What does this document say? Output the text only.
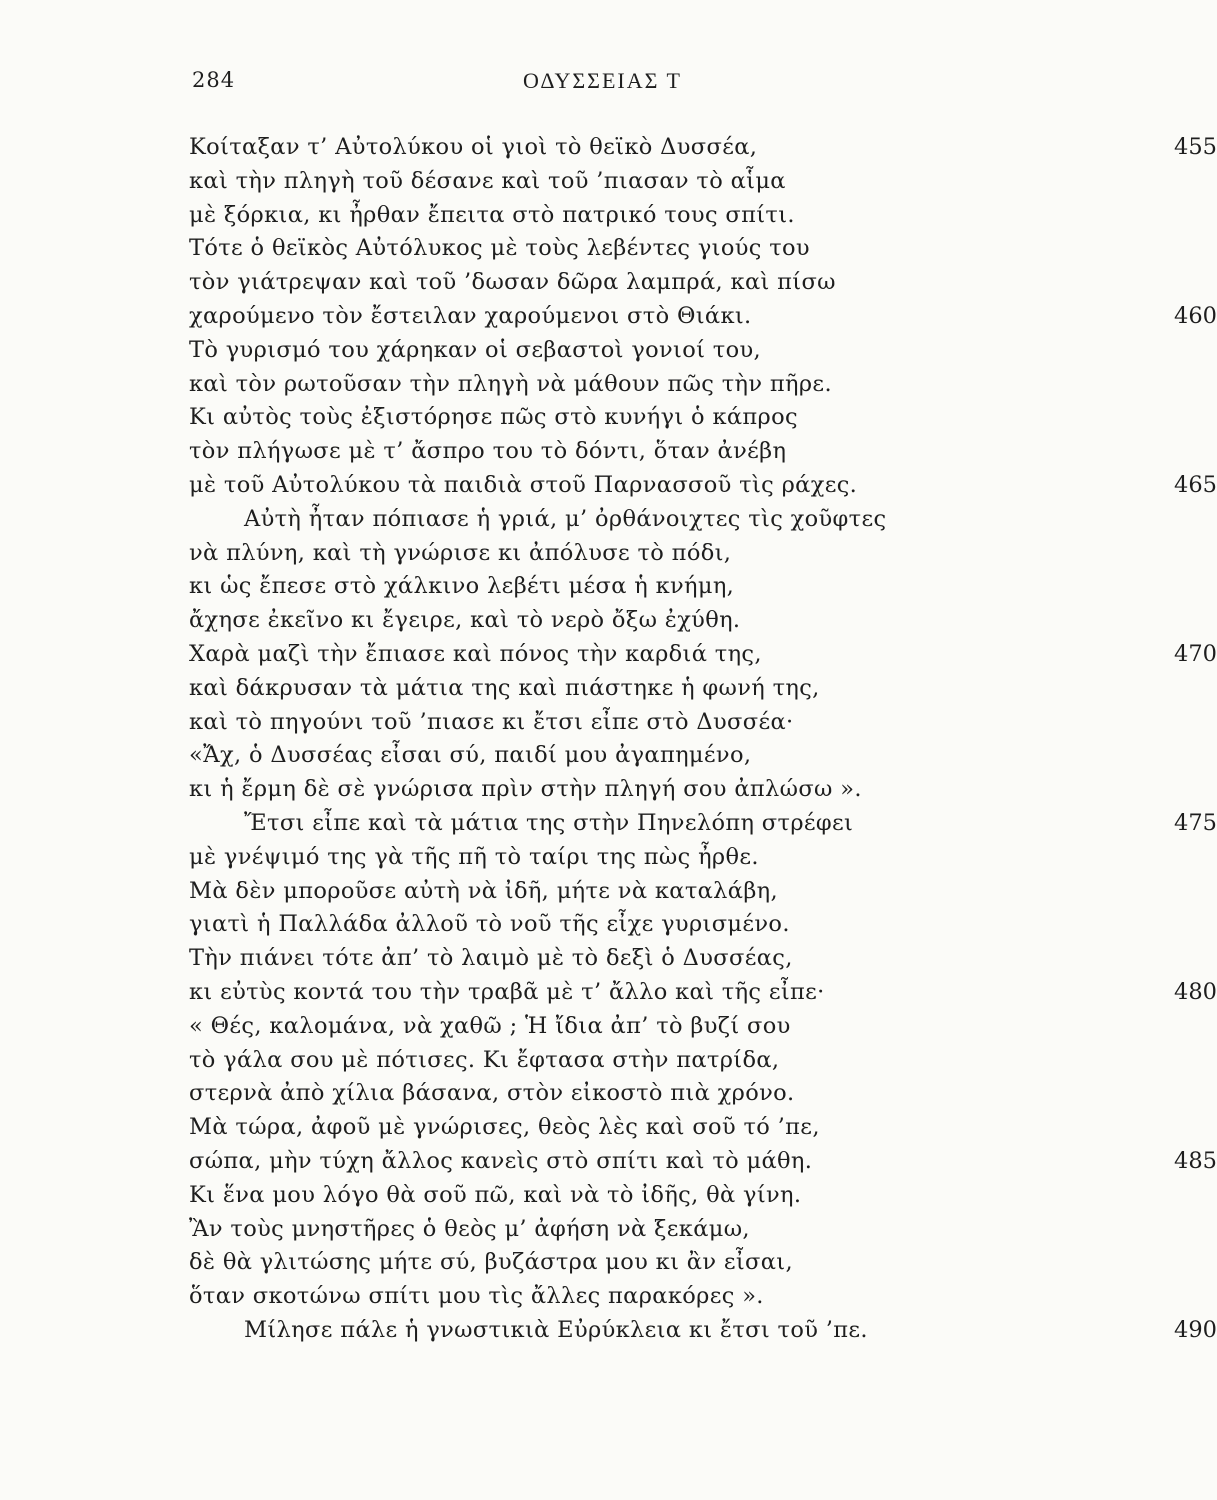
284	ΟΔΥΣΣΕΙΑΣ Τ
Κοίταξαν τ’ Αὐτολύκου οἱ γιοὶ τὸ θεϊκὸ Δυσσέα,	455
καὶ τὴν πληγὴ τοῦ δέσανε καὶ τοῦ ’πιασαν τὸ αἷμα
μὲ ξόρκια, κι ἦρθαν ἔπειτα στὸ πατρικό τους σπίτι.
Τότε ὁ θεϊκὸς Αὐτόλυκος μὲ τοὺς λεβέντες γιούς του
τὸν γιάτρεψαν καὶ τοῦ ’δωσαν δῶρα λαμπρά, καὶ πίσω
χαρούμενο τὸν ἔστειλαν χαρούμενοι στὸ Θιάκι.	460
Τὸ γυρισμό του χάρηκαν οἱ σεβαστοὶ γονιοί του,
καὶ τὸν ρωτοῦσαν τὴν πληγὴ νὰ μάθουν πῶς τὴν πῆρε.
Κι αὐτὸς τοὺς ἐξιστόρησε πῶς στὸ κυνήγι ὁ κάπρος
τὸν πλήγωσε μὲ τ’ ἄσπρο του τὸ δόντι, ὅταν ἀνέβη
μὲ τοῦ Αὐτολύκου τὰ παιδιὰ στοῦ Παρνασσοῦ τὶς ράχες.	465
Αὐτὴ ἦταν πόπιασε ἡ γριά, μ’ ὀρθάνοιχτες τὶς χοῦφτες
νὰ πλύνη, καὶ τὴ γνώρισε κι ἀπόλυσε τὸ πόδι,
κι ὡς ἔπεσε στὸ χάλκινο λεβέτι μέσα ἡ κνήμη,
ἄχησε ἐκεῖνο κι ἔγειρε, καὶ τὸ νερὸ ὄξω ἐχύθη.
Χαρὰ μαζὶ τὴν ἔπιασε καὶ πόνος τὴν καρδιά της,	470
καὶ δάκρυσαν τὰ μάτια της καὶ πιάστηκε ἡ φωνή της,
καὶ τὸ πηγούνι τοῦ ’πιασε κι ἔτσι εἶπε στὸ Δυσσέα·
«Ἄχ, ὁ Δυσσέας εἶσαι σύ, παιδί μου ἀγαπημένο,
κι ἡ ἔρμη δὲ σὲ γνώρισα πρὶν στὴν πληγή σου ἀπλώσω ».
Ἔτσι εἶπε καὶ τὰ μάτια της στὴν Πηνελόπη στρέφει	475
μὲ γνέψιμό της γὰ τῆς πῆ τὸ ταίρι της πὼς ἦρθε.
Μὰ δὲν μποροῦσε αὐτὴ νὰ ἰδῆ, μήτε νὰ καταλάβη,
γιατὶ ἡ Παλλάδα ἀλλοῦ τὸ νοῦ τῆς εἶχε γυρισμένο.
Τὴν πιάνει τότε ἀπ’ τὸ λαιμὸ μὲ τὸ δεξὶ ὁ Δυσσέας,
κι εὐτὺς κοντά του τὴν τραβᾶ μὲ τ’ ἄλλο καὶ τῆς εἶπε·	480
« Θές, καλομάνα, νὰ χαθῶ ; Ἡ ἴδια ἀπ’ τὸ βυζί σου
τὸ γάλα σου μὲ πότισες. Κι ἔφτασα στὴν πατρίδα,
στερνὰ ἀπὸ χίλια βάσανα, στὸν εἰκοστὸ πιὰ χρόνο.
Μὰ τώρα, ἀφοῦ μὲ γνώρισες, θεὸς λὲς καὶ σοῦ τό ’πε,
σώπα, μὴν τύχη ἄλλος κανεὶς στὸ σπίτι καὶ τὸ μάθη.	485
Κι ἕνα μου λόγο θὰ σοῦ πῶ, καὶ νὰ τὸ ἰδῆς, θὰ γίνη.
Ἂν τοὺς μνηστῆρες ὁ θεὸς μ’ ἀφήση νὰ ξεκάμω,
δὲ θὰ γλιτώσης μήτε σύ, βυζάστρα μου κι ἂν εἶσαι,
ὅταν σκοτώνω σπίτι μου τὶς ἄλλες παρακόρες ».
Μίλησε πάλε ἡ γνωστικιὰ Εὐρύκλεια κι ἔτσι τοῦ ’πε.	490
